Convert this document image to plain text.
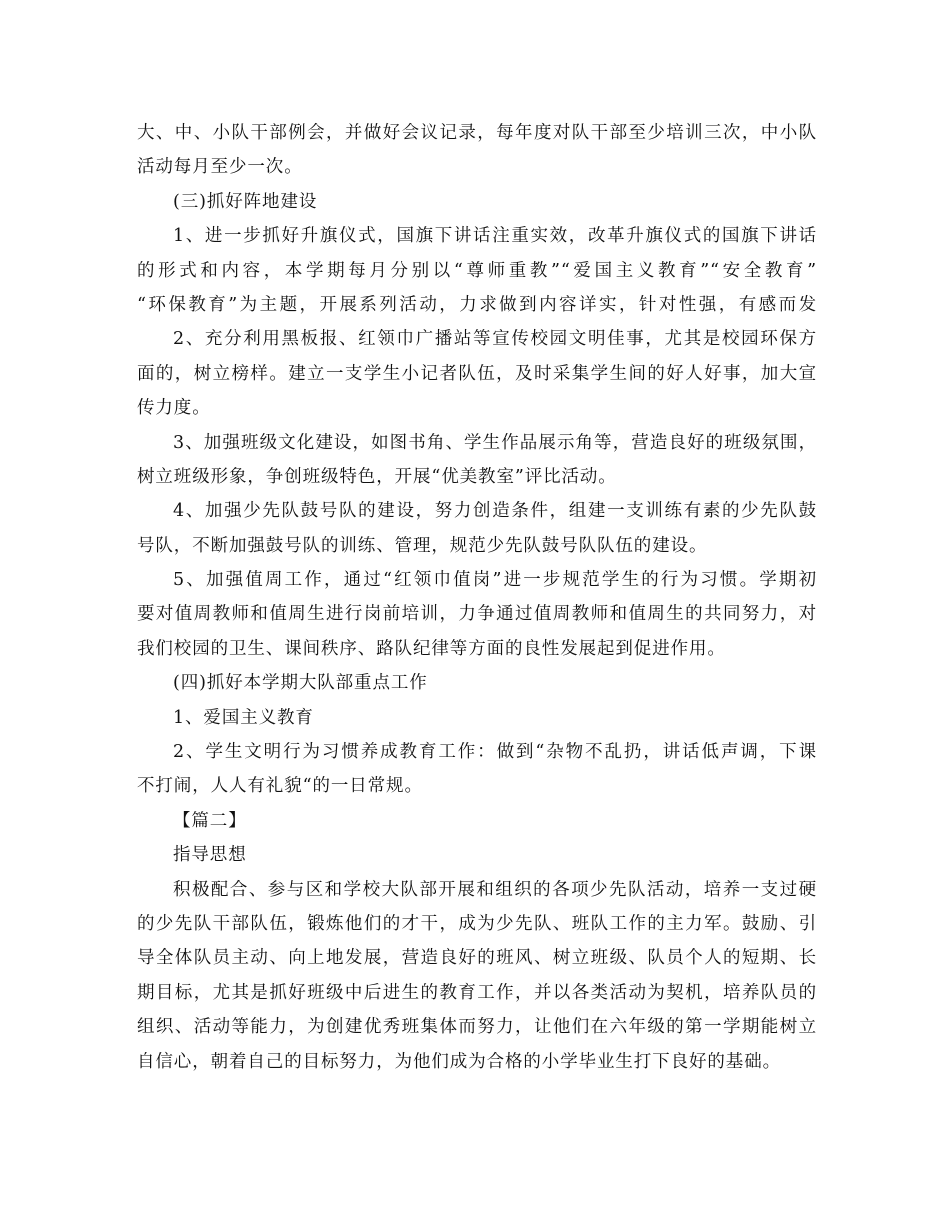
大、中、小队干部例会，并做好会议记录，每年度对队干部至少培训三次，中小队
活动每月至少一次。
(三)抓好阵地建设
1、进一步抓好升旗仪式，国旗下讲话注重实效，改革升旗仪式的国旗下讲话
的形式和内容，本学期每月分别以“尊师重教”“爱国主义教育”“安全教育”
“环保教育”为主题，开展系列活动，力求做到内容详实，针对性强，有感而发
2、充分利用黑板报、红领巾广播站等宣传校园文明佳事，尤其是校园环保方
面的，树立榜样。建立一支学生小记者队伍，及时采集学生间的好人好事，加大宣
传力度。
3、加强班级文化建设，如图书角、学生作品展示角等，营造良好的班级氛围，
树立班级形象，争创班级特色，开展“优美教室”评比活动。
4、加强少先队鼓号队的建设，努力创造条件，组建一支训练有素的少先队鼓
号队，不断加强鼓号队的训练、管理，规范少先队鼓号队队伍的建设。
5、加强值周工作，通过“红领巾值岗”进一步规范学生的行为习惯。学期初
要对值周教师和值周生进行岗前培训，力争通过值周教师和值周生的共同努力，对
我们校园的卫生、课间秩序、路队纪律等方面的良性发展起到促进作用。
(四)抓好本学期大队部重点工作
1、爱国主义教育
2、学生文明行为习惯养成教育工作：做到“杂物不乱扔，讲话低声调，下课
不打闹，人人有礼貌“的一日常规。
【篇二】
指导思想
积极配合、参与区和学校大队部开展和组织的各项少先队活动，培养一支过硬
的少先队干部队伍，锻炼他们的才干，成为少先队、班队工作的主力军。鼓励、引
导全体队员主动、向上地发展，营造良好的班风、树立班级、队员个人的短期、长
期目标，尤其是抓好班级中后进生的教育工作，并以各类活动为契机，培养队员的
组织、活动等能力，为创建优秀班集体而努力，让他们在六年级的第一学期能树立
自信心，朝着自己的目标努力，为他们成为合格的小学毕业生打下良好的基础。
